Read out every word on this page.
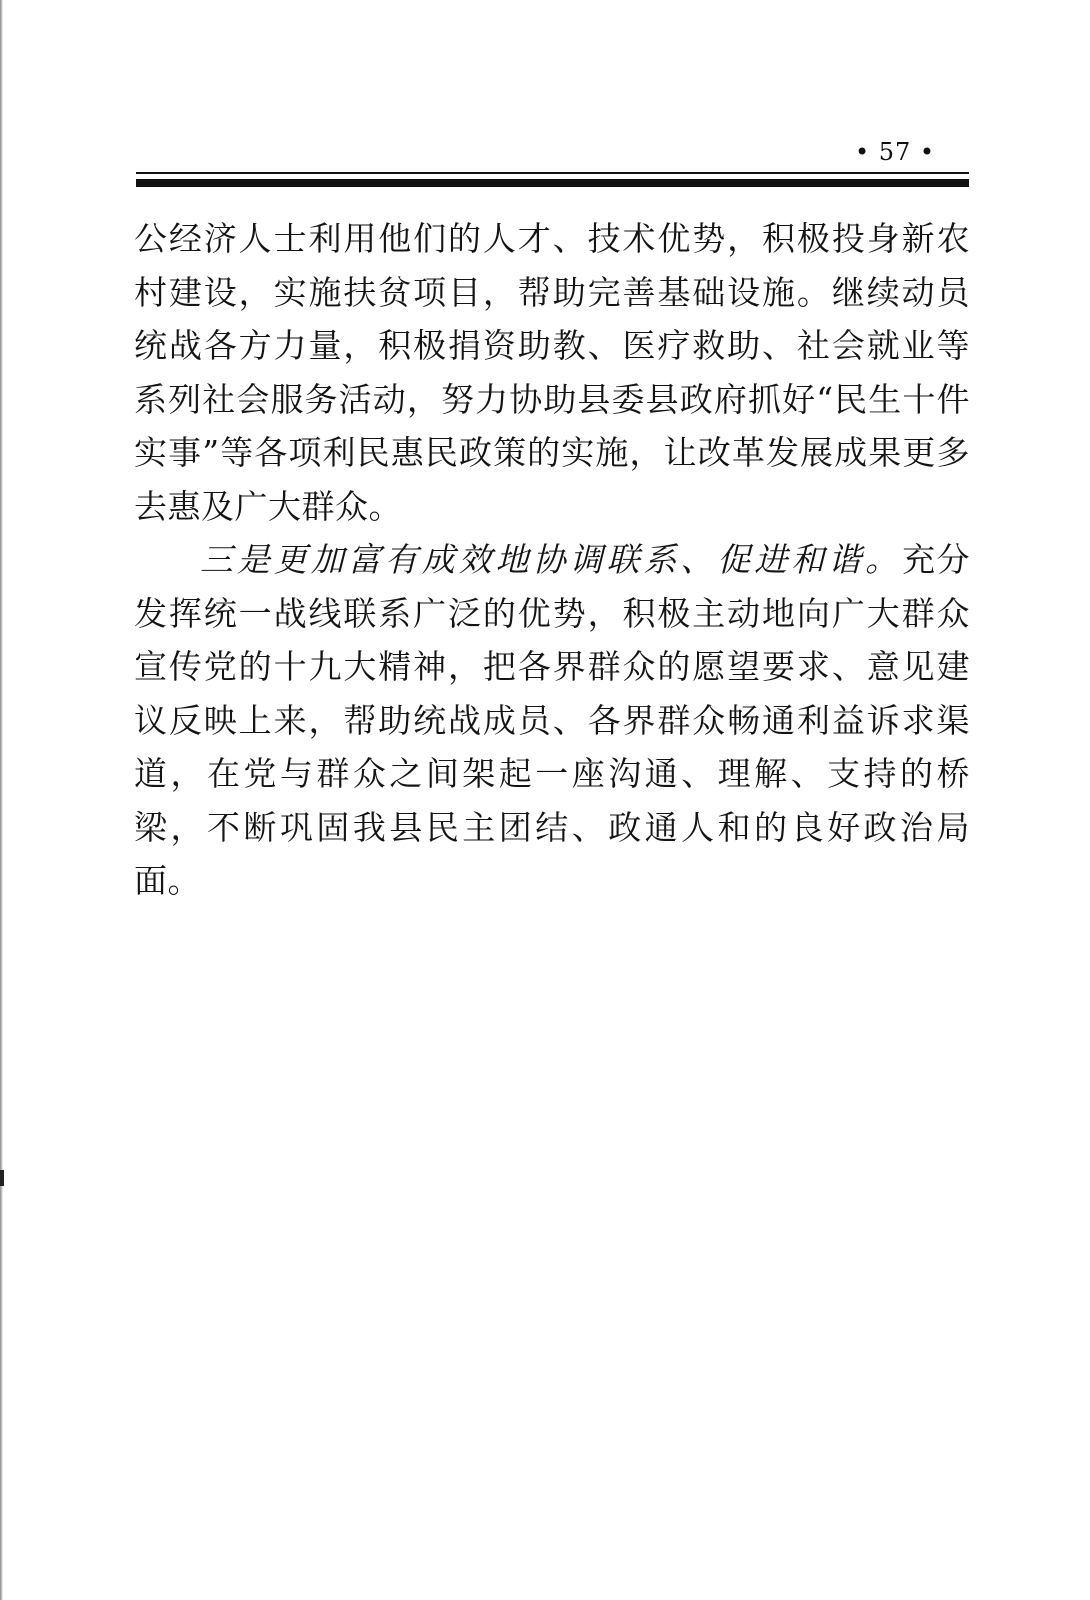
• 57 •

公经济人士利用他们的人才、技术优势，积极投身新农村建设，实施扶贫项目，帮助完善基础设施。继续动员统战各方力量，积极捐资助教、医疗救助、社会就业等系列社会服务活动，努力协助县委县政府抓好“民生十件实事”等各项利民惠民政策的实施，让改革发展成果更多去惠及广大群众。

三是更加富有成效地协调联系、促进和谐。充分发挥统一战线联系广泛的优势，积极主动地向广大群众宣传党的十九大精神，把各界群众的愿望要求、意见建议反映上来，帮助统战成员、各界群众畅通利益诉求渠道，在党与群众之间架起一座沟通、理解、支持的桥梁，不断巩固我县民主团结、政通人和的良好政治局面。
